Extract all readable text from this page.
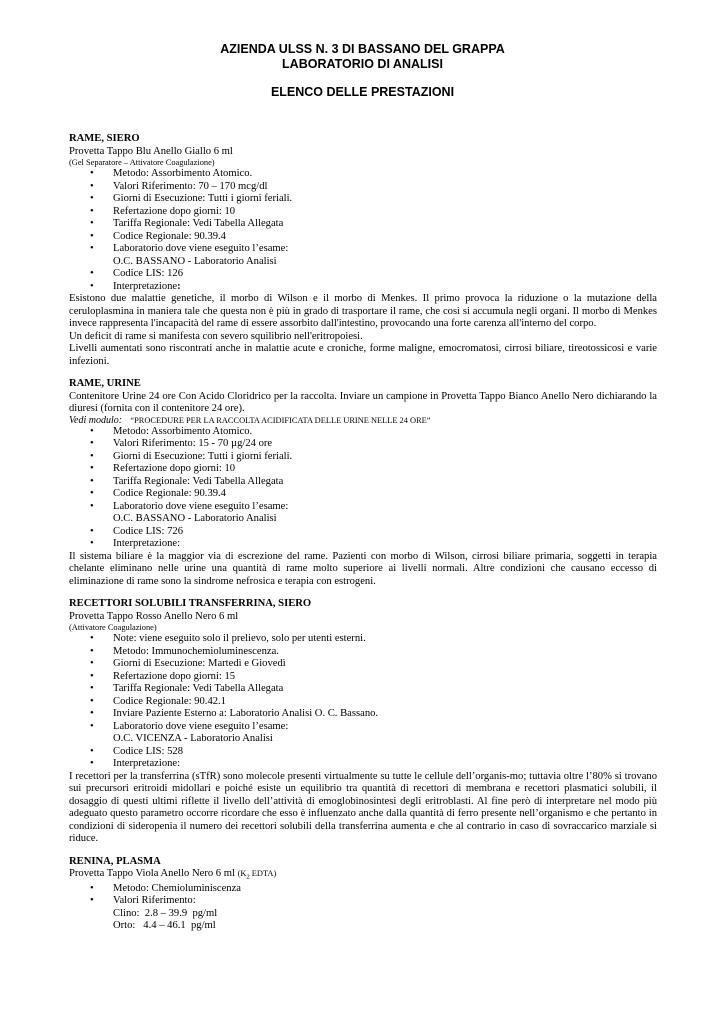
AZIENDA ULSS N. 3 DI BASSANO DEL GRAPPA
LABORATORIO DI ANALISI
ELENCO DELLE PRESTAZIONI
RAME, SIERO
Provetta Tappo Blu Anello Giallo 6 ml
(Gel Separatore – Attivatore Coagulazione)
• Metodo: Assorbimento Atomico.
• Valori Riferimento: 70 – 170 mcg/dl
• Giorni di Esecuzione: Tutti i giorni feriali.
• Refertazione dopo giorni: 10
• Tariffa Regionale: Vedi Tabella Allegata
• Codice Regionale: 90.39.4
• Laboratorio dove viene eseguito l’esame:
O.C. BASSANO - Laboratorio Analisi
• Codice LIS: 126
• Interpretazione:
Esistono due malattie genetiche, il morbo di Wilson e il morbo di Menkes. Il primo provoca la riduzione o la mutazione della ceruloplasmina in maniera tale che questa non è più in grado di trasportare il rame, che così si accumula negli organi. Il morbo di Menkes invece rappresenta l'incapacità del rame di essere assorbito dall'intestino, provocando una forte carenza all'interno del corpo.
Un deficit di rame si manifesta con severo squilibrio nell'eritropoiesi.
Livelli aumentati sono riscontrati anche in malattie acute e croniche, forme maligne, emocromatosi, cirrosi biliare, tireotossicosi e varie infezioni.
RAME, URINE
Contenitore Urine 24 ore Con Acido Cloridrico per la raccolta. Inviare un campione in Provetta Tappo Bianco Anello Nero dichiarando la diuresi (fornita con il contenitore 24 ore).
Vedi modulo: “PROCEDURE PER LA RACCOLTA ACIDIFICATA DELLE URINE NELLE 24 ORE”
• Metodo: Assorbimento Atomico.
• Valori Riferimento: 15 - 70 µg/24 ore
• Giorni di Esecuzione: Tutti i giorni feriali.
• Refertazione dopo giorni: 10
• Tariffa Regionale: Vedi Tabella Allegata
• Codice Regionale: 90.39.4
• Laboratorio dove viene eseguito l’esame:
O.C. BASSANO - Laboratorio Analisi
• Codice LIS: 726
• Interpretazione:
Il sistema biliare è la maggior via di escrezione del rame. Pazienti con morbo di Wilson, cirrosi biliare primaria, soggetti in terapia chelante eliminano nelle urine una quantità di rame molto superiore ai livelli normali. Altre condizioni che causano eccesso di eliminazione di rame sono la sindrome nefrosica e terapia con estrogeni.
RECETTORI SOLUBILI TRANSFERRINA, SIERO
Provetta Tappo Rosso Anello Nero 6 ml
(Attivatore Coagulazione)
• Note: viene eseguito solo il prelievo, solo per utenti esterni.
• Metodo: Immunochemioluminescenza.
• Giorni di Esecuzione: Martedì e Giovedì
• Refertazione dopo giorni: 15
• Tariffa Regionale: Vedi Tabella Allegata
• Codice Regionale: 90.42.1
• Inviare Paziente Esterno a: Laboratorio Analisi O. C. Bassano.
• Laboratorio dove viene eseguito l’esame:
O.C. VICENZA - Laboratorio Analisi
• Codice LIS: 528
• Interpretazione:
I recettori per la transferrina (sTfR) sono molecole presenti virtualmente su tutte le cellule dell’organis-mo; tuttavia oltre l’80% si trovano sui precursori eritroidi midollari e poiché esiste un equilibrio tra quantità di recettori di membrana e recettori plasmatici solubili, il dosaggio di questi ultimi riflette il livello dell’attività di emoglobinosintesi degli eritroblasti. Al fine però di interpretare nel modo più adeguato questo parametro occorre ricordare che esso è influenzato anche dalla quantità di ferro presente nell’organismo e che pertanto in condizioni di sideropenia il numero dei recettori solubili della transferrina aumenta e che al contrario in caso di sovraccarico marziale si riduce.
RENINA, PLASMA
Provetta Tappo Viola Anello Nero 6 ml ($K_2$ EDTA)
• Metodo: Chemioluminiscenza
• Valori Riferimento:
Clino:  2.8 – 39.9  pg/ml
Orto:   4.4 – 46.1  pg/ml
